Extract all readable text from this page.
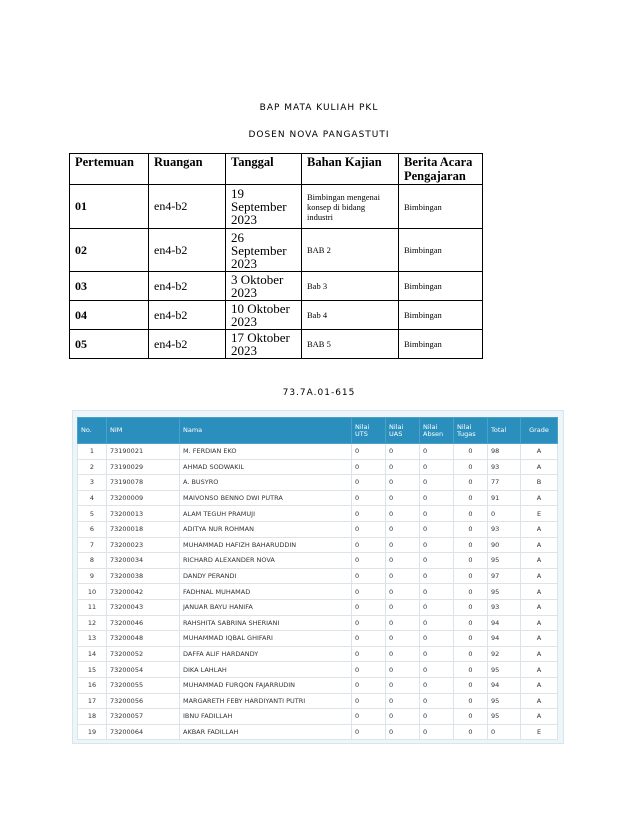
BAP MATA KULIAH PKL
DOSEN NOVA PANGASTUTI
Pertemuan	Ruangan	Tanggal	Bahan Kajian	Berita Acara Pengajaran
01	en4-b2	19 September 2023	Bimbingan mengenai konsep di bidang industri	Bimbingan
02	en4-b2	26 September 2023	BAB 2	Bimbingan
03	en4-b2	3 Oktober 2023	Bab 3	Bimbingan
04	en4-b2	10 Oktober 2023	Bab 4	Bimbingan
05	en4-b2	17 Oktober 2023	BAB 5	Bimbingan
73.7A.01-615
No.	NIM	Nama	Nilai UTS	Nilai UAS	Nilai Absen	Nilai Tugas	Total	Grade
1	73190021	M. FERDIAN EKO	0	0	0	0	98	A
2	73190029	AHMAD SODWAKIL	0	0	0	0	93	A
3	73190078	A. BUSYRO	0	0	0	0	77	B
4	73200009	MAIVONSO BENNO DWI PUTRA	0	0	0	0	91	A
5	73200013	ALAM TEGUH PRAMUJI	0	0	0	0	0	E
6	73200018	ADITYA NUR ROHMAN	0	0	0	0	93	A
7	73200023	MUHAMMAD HAFIZH BAHARUDDIN	0	0	0	0	90	A
8	73200034	RICHARD ALEXANDER NOVA	0	0	0	0	95	A
9	73200038	DANDY PERANDI	0	0	0	0	97	A
10	73200042	FADHNAL MUHAMAD	0	0	0	0	95	A
11	73200043	JANUAR BAYU HANIFA	0	0	0	0	93	A
12	73200046	RAHSHITA SABRINA SHERIANI	0	0	0	0	94	A
13	73200048	MUHAMMAD IQBAL GHIFARI	0	0	0	0	94	A
14	73200052	DAFFA ALIF HARDANDY	0	0	0	0	92	A
15	73200054	DIKA LAHLAH	0	0	0	0	95	A
16	73200055	MUHAMMAD FURQON FAJARRUDIN	0	0	0	0	94	A
17	73200056	MARGARETH FEBY HARDIYANTI PUTRI	0	0	0	0	95	A
18	73200057	IBNU FADILLAH	0	0	0	0	95	A
19	73200064	AKBAR FADILLAH	0	0	0	0	0	E
